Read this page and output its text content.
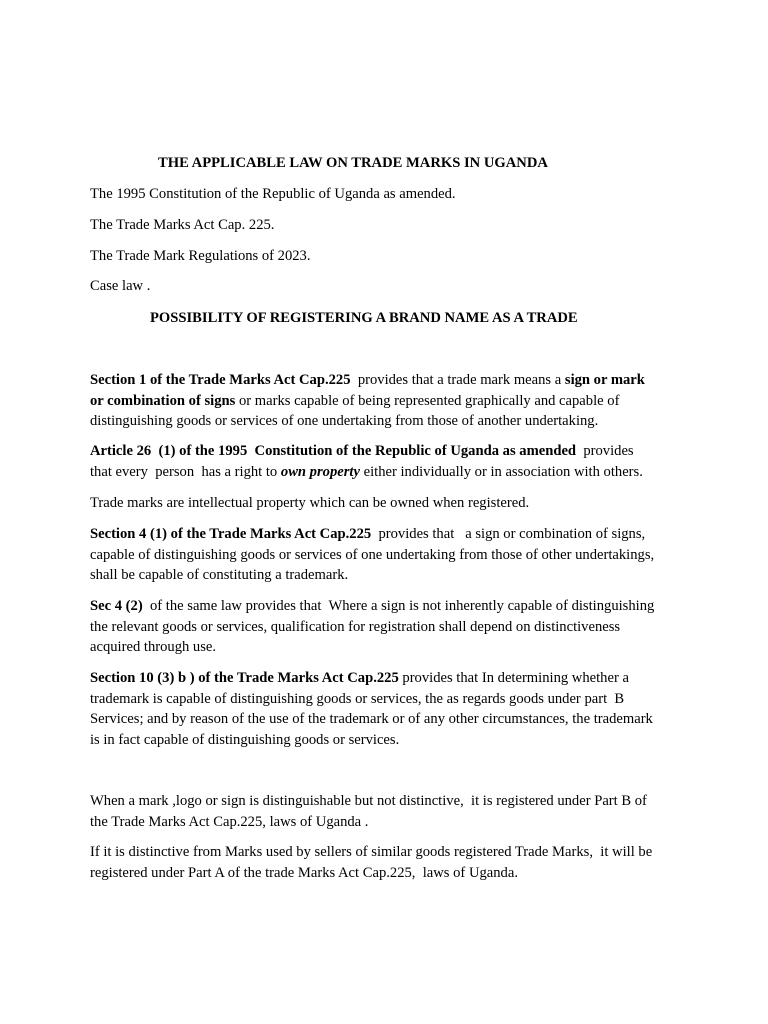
THE APPLICABLE LAW ON TRADE MARKS IN UGANDA
The 1995 Constitution of the Republic of Uganda as amended.
The Trade Marks Act Cap. 225.
The Trade Mark Regulations of 2023.
Case law .
POSSIBILITY OF REGISTERING A BRAND NAME AS A TRADE
Section 1 of the Trade Marks Act Cap.225  provides that a trade mark means a sign or mark
or combination of signs or marks capable of being represented graphically and capable of
distinguishing goods or services of one undertaking from those of another undertaking.
Article 26  (1) of the 1995  Constitution of the Republic of Uganda as amended  provides
that every  person  has a right to own property either individually or in association with others.
Trade marks are intellectual property which can be owned when registered.
Section 4 (1) of the Trade Marks Act Cap.225  provides that   a sign or combination of signs,
capable of distinguishing goods or services of one undertaking from those of other undertakings,
shall be capable of constituting a trademark.
Sec 4 (2)  of the same law provides that  Where a sign is not inherently capable of distinguishing
the relevant goods or services, qualification for registration shall depend on distinctiveness
acquired through use.
Section 10 (3) b ) of the Trade Marks Act Cap.225 provides that In determining whether a
trademark is capable of distinguishing goods or services, the as regards goods under part  B
Services; and by reason of the use of the trademark or of any other circumstances, the trademark
is in fact capable of distinguishing goods or services.
When a mark ,logo or sign is distinguishable but not distinctive,  it is registered under Part B of
the Trade Marks Act Cap.225, laws of Uganda .
If it is distinctive from Marks used by sellers of similar goods registered Trade Marks,  it will be
registered under Part A of the trade Marks Act Cap.225,  laws of Uganda.
